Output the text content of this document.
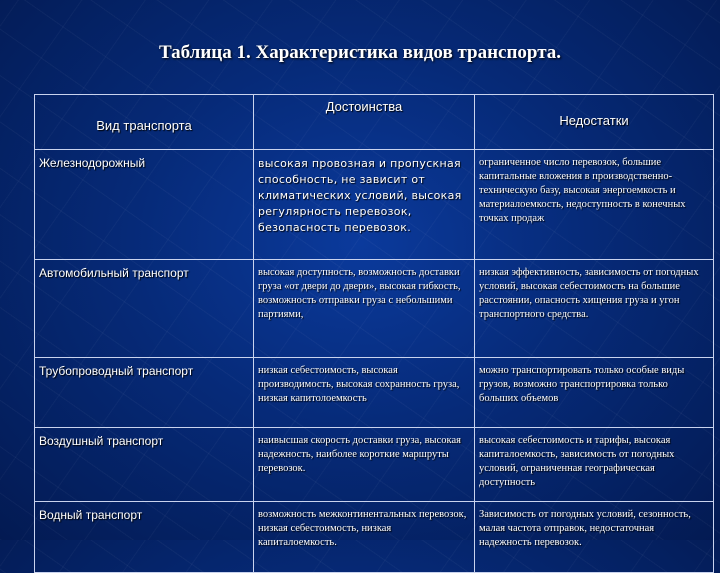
Таблица 1. Характеристика видов транспорта.
Вид транспорта	Достоинства	Недостатки
Железнодорожный	высокая провозная и пропускная способность, не зависит от климатических условий, высокая регулярность перевозок, безопасность перевозок.	ограниченное число перевозок, большие капитальные вложения в производственно-техническую базу, высокая энергоемкость и материалоемкость, недоступность в конечных точках продаж
Автомобильный транспорт	высокая доступность, возможность доставки груза «от двери до двери», высокая гибкость, возможность отправки груза с небольшими партиями,	низкая эффективность, зависимость от погодных условий, высокая себестоимость на большие расстоянии, опасность хищения груза и угон транспортного средства.
Трубопроводный транспорт	низкая себестоимость, высокая производимость, высокая сохранность груза, низкая капитолоемкость	можно транспортировать только особые виды грузов, возможно транспортировка только больших объемов
Воздушный транспорт	наивысшая скорость доставки груза, высокая надежность, наиболее короткие маршруты перевозок.	высокая себестоимость и тарифы, высокая капиталоемкость, зависимость от погодных условий, ограниченная географическая доступность
Водный транспорт	возможность межконтинентальных перевозок, низкая себестоимость, низкая капиталоемкость.	Зависимость от погодных условий, сезонность, малая частота отправок, недостаточная надежность перевозок.
